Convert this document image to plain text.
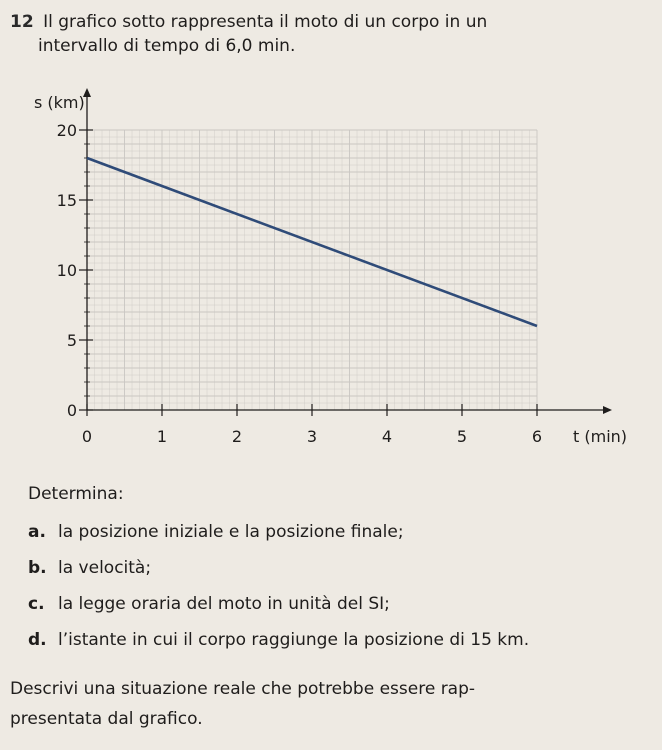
12 Il grafico sotto rappresenta il moto di un corpo in un
intervallo di tempo di 6,0 min.
0	1	2	3	4	5	6
0
5
10
15
20
s (km)
t (min)
Determina:
a. la posizione iniziale e la posizione finale;
b. la velocità;
c. la legge oraria del moto in unità del SI;
d. l’istante in cui il corpo raggiunge la posizione di 15 km.
Descrivi una situazione reale che potrebbe essere rap-
presentata dal grafico.
